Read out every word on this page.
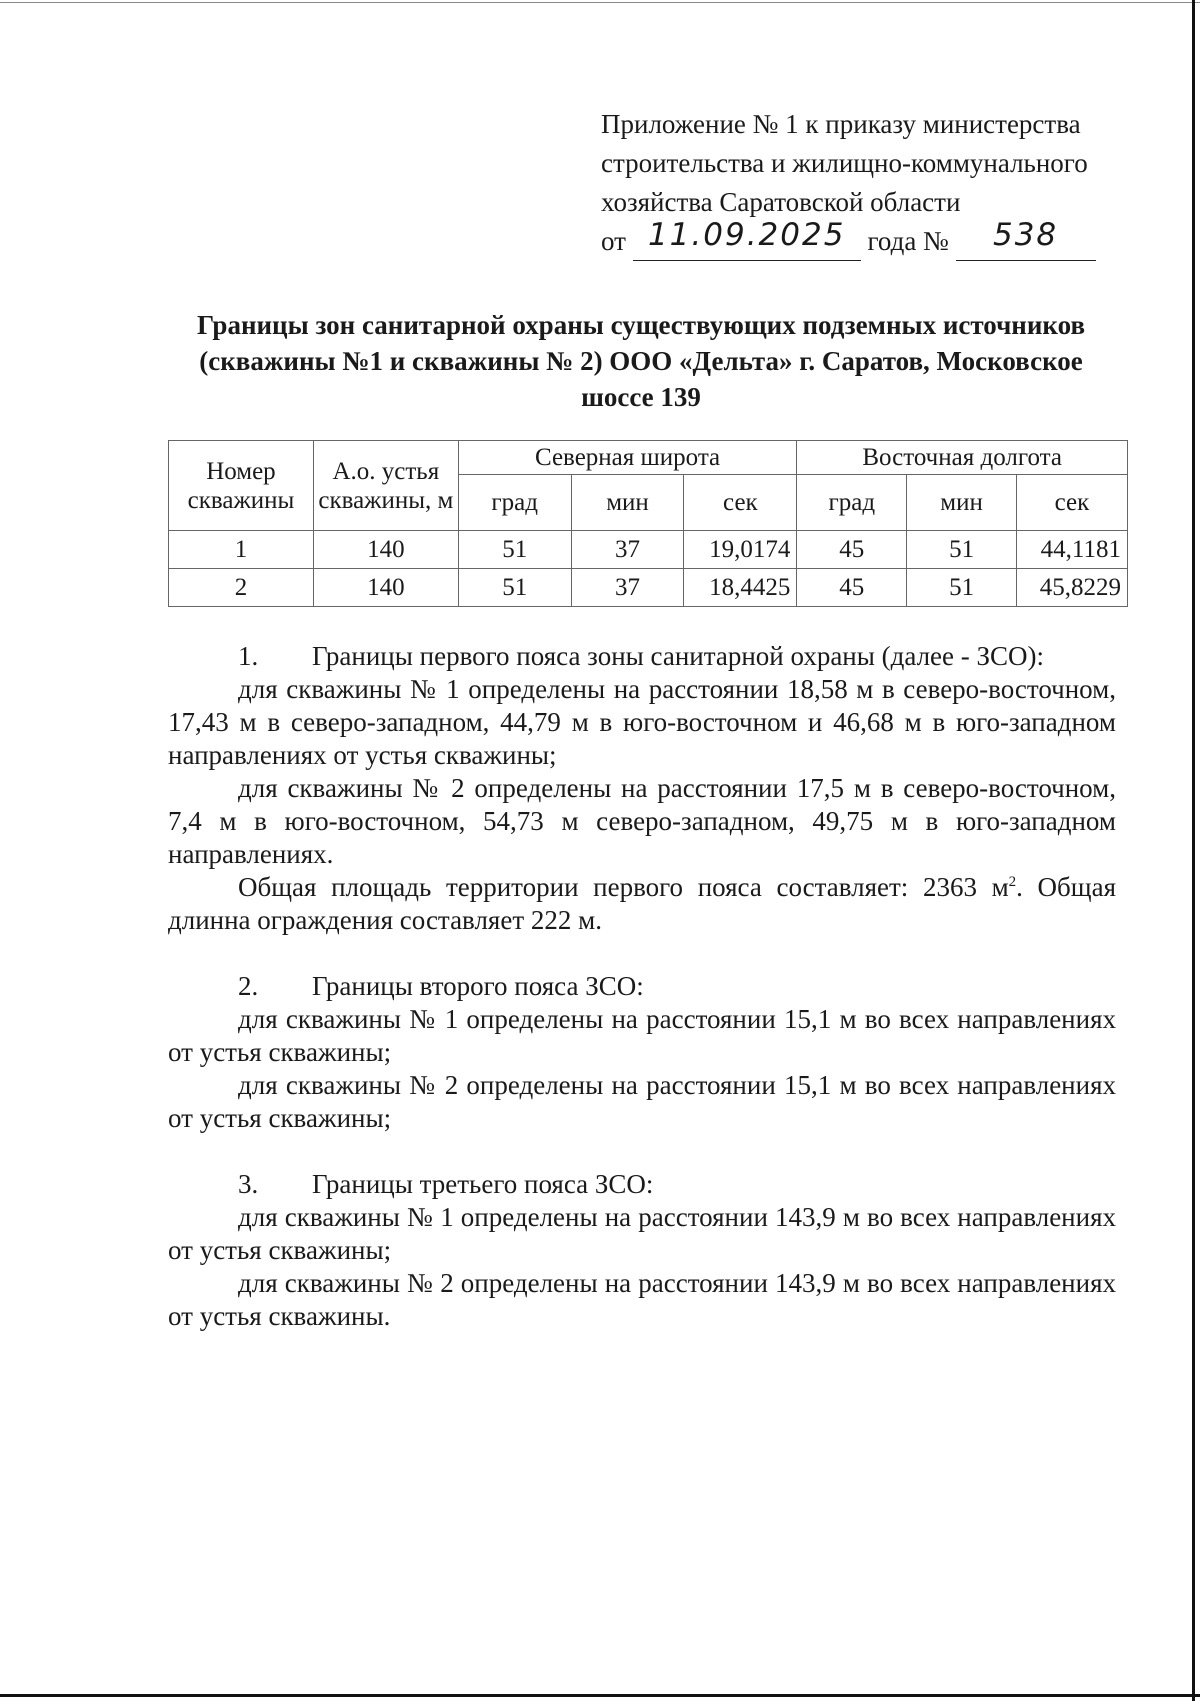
Приложение № 1 к приказу министерства
строительства и жилищно-коммунального
хозяйства Саратовской области
от 11.09.2025 года № 538
Границы зон санитарной охраны существующих подземных источников (скважины №1 и скважины № 2) ООО «Дельта» г. Саратов, Московское шоссе 139
Номер скважины	А.о. устья скважины, м	Северная широта			Восточная долгота		
		град	мин	сек	град	мин	сек
1	140	51	37	19,0174	45	51	44,1181
2	140	51	37	18,4425	45	51	45,8229

1. Границы первого пояса зоны санитарной охраны (далее - ЗСО):

для скважины № 1 определены на расстоянии 18,58 м в северо-восточном, 17,43 м в северо-западном, 44,79 м в юго-восточном и 46,68 м в юго-западном направлениях от устья скважины;

для скважины № 2 определены на расстоянии 17,5 м в северо-восточном, 7,4 м в юго-восточном, 54,73 м северо-западном, 49,75 м в юго-западном направлениях.

Общая площадь территории первого пояса составляет: 2363 $м^2$. Общая длинна ограждения составляет 222 м.

2. Границы второго пояса ЗСО:

для скважины № 1 определены на расстоянии 15,1 м во всех направлениях от устья скважины;

для скважины № 2 определены на расстоянии 15,1 м во всех направлениях от устья скважины;

3. Границы третьего пояса ЗСО:

для скважины № 1 определены на расстоянии 143,9 м во всех направлениях от устья скважины;

для скважины № 2 определены на расстоянии 143,9 м во всех направлениях от устья скважины.
